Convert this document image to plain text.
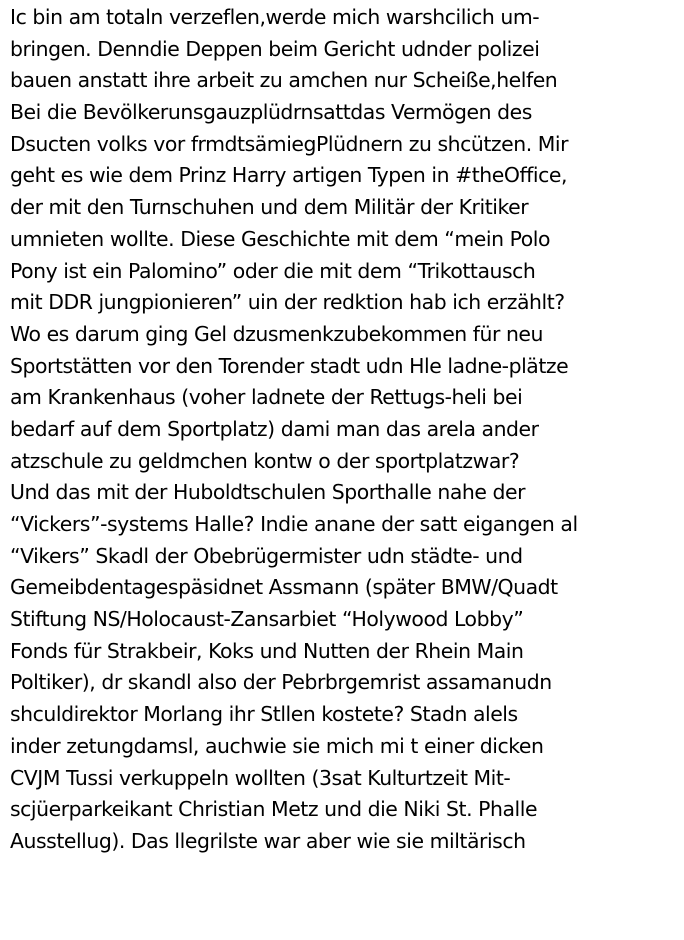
Ic bin am totaln verzeflen,werde mich warshcilich um-
bringen. Denndie Deppen beim Gericht udnder polizei
bauen anstatt ihre arbeit zu amchen nur Scheiße,helfen
Bei die Bevölkerunsgauzplüdrnsattdas Vermögen des
Dsucten volks vor frmdtsämiegPlüdnern zu shcützen. Mir
geht es wie dem Prinz Harry artigen Typen in #theOffice,
der mit den Turnschuhen und dem Militär der Kritiker
umnieten wollte. Diese Geschichte mit dem “mein Polo
Pony ist ein Palomino” oder die mit dem “Trikottausch
mit DDR jungpionieren” uin der redktion hab ich erzählt?
Wo es darum ging Gel dzusmenkzubekommen für neu
Sportstätten vor den Torender stadt udn Hle ladne-plätze
am Krankenhaus (voher ladnete der Rettugs-heli bei
bedarf auf dem Sportplatz) dami man das arela ander
atzschule zu geldmchen kontw o der sportplatzwar?
Und das mit der Huboldtschulen Sporthalle nahe der
“Vickers”-systems Halle? Indie anane der satt eigangen al
“Vikers” Skadl der Obebrügermister udn städte- und
Gemeibdentagespäsidnet Assmann (später BMW/Quadt
Stiftung NS/Holocaust-Zansarbiet “Holywood Lobby”
Fonds für Strakbeir, Koks und Nutten der Rhein Main
Poltiker), dr skandl also der Pebrbrgemrist assamanudn
shculdirektor Morlang ihr Stllen kostete? Stadn alels
inder zetungdamsl, auchwie sie mich mi t einer dicken
CVJM Tussi verkuppeln wollten (3sat Kulturtzeit Mit-
scjüerparkeikant Christian Metz und die Niki St. Phalle
Ausstellug). Das llegrilste war aber wie sie miltärisch
